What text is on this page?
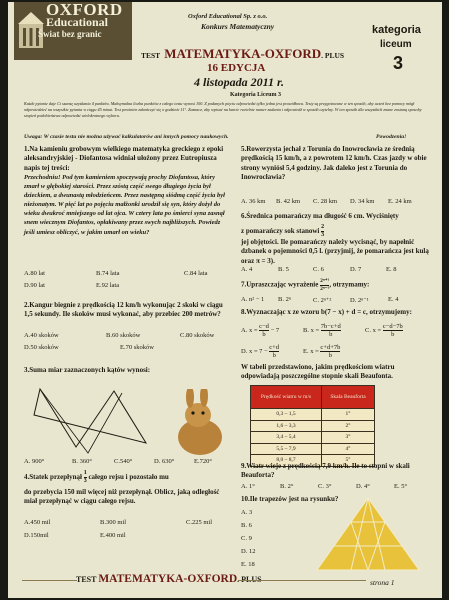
OXFORD
Educational
Świat bez granic
Oxford Educational Sp. z o.o.
Konkurs Matematyczny	kategoria
liceum
3
TEST MATEMATYKA-OXFORD. PLUS
16 EDYCJA
4 listopada 2011 r.
Kategoria Liceum 3
Każde pytanie daje Ci szansę uzyskania 4 punktów. Maksymalna liczba punktów z całego testu wynosi 100. Z podanych pięciu odpowiedzi tylko jedna jest prawidłowa. Testy są przygotowane w ten sposób, aby uczeń bez pomocy mógł odpowiedzieć na wszystkie pytania w ciągu 45 minut. Test powinien zakończyć się o godzinie 11°. Zaznacz, aby wpisać na karcie rzetelnie numer zadania i odpowiedź w sposób czytelny. W ten sposób dla wszystkich znane zostaną sposoby stopień podobieństwa odpowiedzi wielokrotnego wyboru.
Uwaga: W czasie testu nie można używać kalkulatorów ani innych pomocy naukowych.	Powodzenia!
1.Na kamieniu grobowym wielkiego matematyka greckiego z epoki aleksandryjskiej - Diofantosa widniał ułożony przez Eutropiusza napis tej treści:
Przechodniu! Pod tym kamieniem spoczywają prochy Diofantosa, który zmarł w głębokiej starości. Przez szóstą część swego długiego życia był dzieckiem, a dwunastą młodzieńcem. Przez następną siódmą część życia był nieżonatym. W pięć lat po pojęciu małżonki urodził się syn, który dożył do wieku dwukroć mniejszego od lat ojca. W cztery lata po śmierci syna zasnął snem wiecznym Diofantos, opłakiwany przez swych najbliższych. Powiedz jeśli umiesz obliczyć, w jakim umarł on wieku?
A.80 lat	B.74 lata	C.84 lata
D.90 lat	E.92 lata
2.Kangur biegnie z prędkością 12 km/h wykonując 2 skoki w ciągu 1,5 sekundy. Ile skoków musi wykonać, aby przebiec 200 metrów?
A.40 skoków	B.60 skoków	C.80 skoków
D.50 skoków	E.70 skoków
3.Suma miar zaznaczonych kątów wynosi:
A. 900°	B. 360°	C.540°	D. 630°	E.720°
4.Statek przepłynął $\frac{1}{3}$ całego rejsu i pozostało mu
do przebycia 150 mil więcej niż przepłynął. Oblicz, jaką odległość miał przepłynąć w ciągu całego rejsu.
A.450 mil	B.300 mil	C.225 mil
D.150mil	E.400 mil
5.Rowerzysta jechał z Torunia do Inowrocławia ze średnią prędkością 15 km/h, a z powrotem 12 km/h. Czas jazdy w obie strony wyniósł 5,4 godziny. Jak daleko jest z Torunia do Inowrocławia?
A. 36 km B. 42 km C. 28 km D. 34 km E. 24 km
6.Średnica pomarańczy ma długość 6 cm. Wyciśnięty
z pomarańczy sok stanowi $\frac{2}{3}$
jej objętości. Ile pomarańczy należy wycisnąć, by napełnić dzbanek o pojemności 0,5 l. (przyjmij, że pomarańcza jest kulą oraz π = 3).
A. 4	B. 5	C. 6	D. 7	E. 8
7.Upraszczając wyrażenie $\frac{\text{2ⁿ⁺¹}}{\text{2ⁿ⁻¹}}$ , otrzymamy:
A. n² − 1 B. 2ⁿ	C. 2ⁿ⁺²	D. 2ⁿ⁻¹	E. 4
8.Wyznaczając x ze wzoru b(7 − x) + d = c, otrzymujemy:
A. $x = \frac{c-d}{b} - 7$	B. $x = \frac{7b-c+d}{b}$	C. $x = \frac{c-d-7b}{b}$
D. $x = 7 - \frac{c+d}{b}$	E. $x = \frac{c+d+7b}{b}$
W tabeli przedstawiono, jakim prędkościom wiatru odpowiadają poszczególne stopnie skali Beaufonta.
Prędkość wiatru w m/s	Skala Beauforta
0,3 – 1,5	1°
1,6 – 3,3	2°
3,4 – 5,4	3°
5,5 – 7,9	4°
8,0 – 8,7	5°
9.Wiatr wieje z prędkością 7,9 km/h. Ile to stopni w skali Beauforta?
A. 1°	B. 2°	C. 3°	D. 4°	E. 5°
10.Ile trapezów jest na rysunku?
A. 3
B. 6
C. 9
D. 12
E. 18
TEST MATEMATYKA-OXFORD. PLUS	strona 1
